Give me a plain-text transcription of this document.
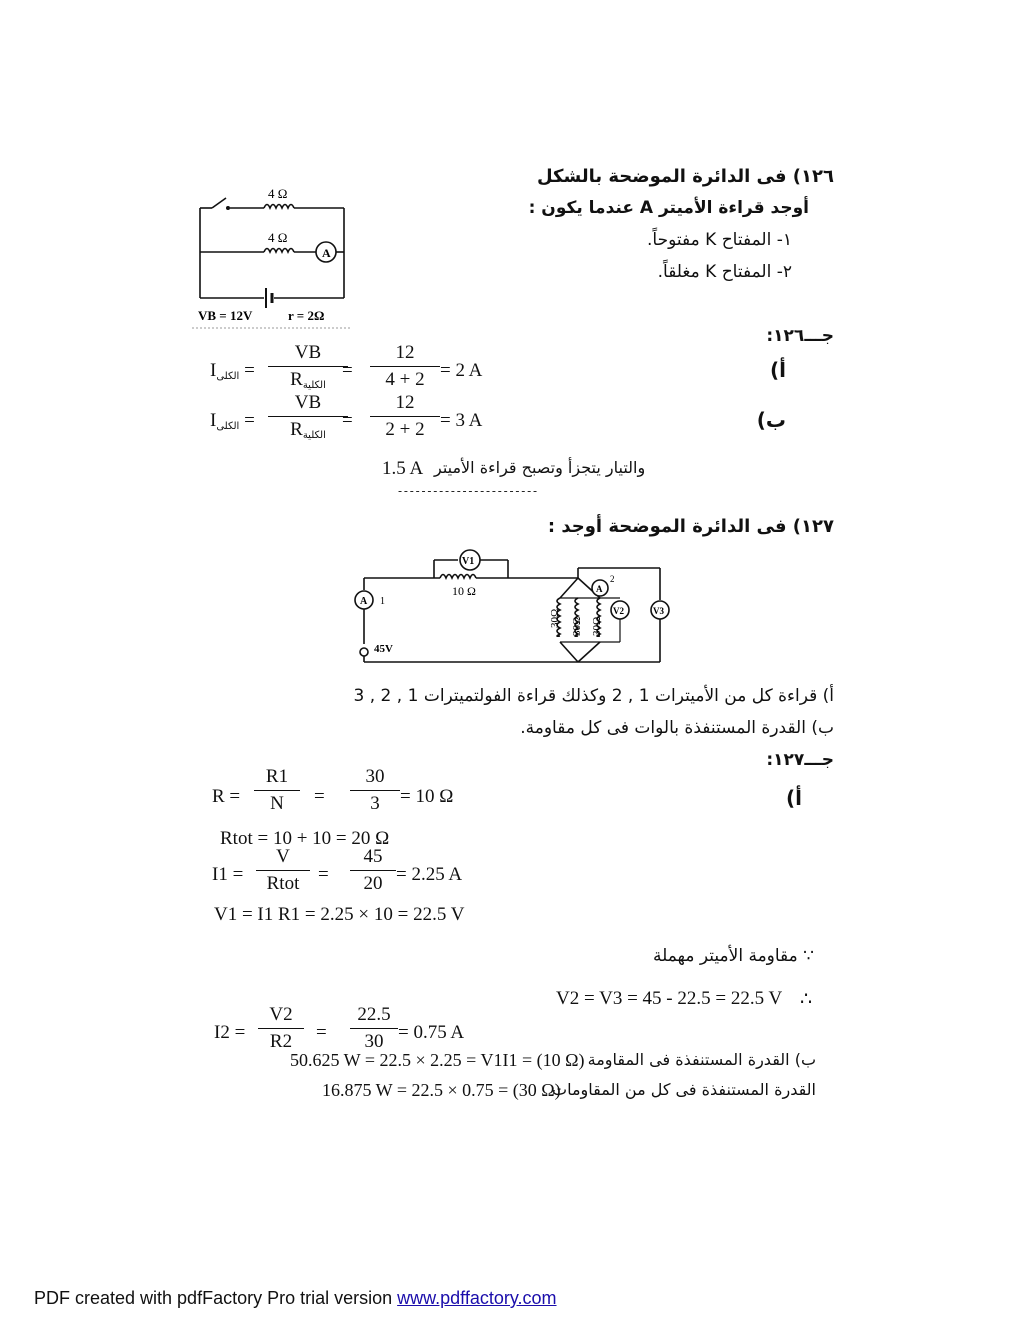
١٢٦) فى الدائرة الموضحة بالشكل
أوجد قراءة الأميتر A عندما يكون :
١- المفتاح K مفتوحاً.
٢- المفتاح K مغلقاً.
4 Ω
A
4 Ω
VB = 12V	r = 2Ω
جـــ١٢٦:
أ)
ب)
$I_{الكلى}$ =
VB
$R_{الكلية}$
=
12
4 + 2 = 2 A
$I_{الكلى}$ =
VB
$R_{الكلية}$
=
12
2 + 2 = 3 A
1.5 A والتيار يتجزأ وتصبح قراءة الأميتر
- - - - - - - - - - - - - - - - - - - - - - - -
١٢٧) فى الدائرة الموضحة أوجد :
10 Ω
V1
A 1
45V
30Ω 30Ω 30Ω
A
2
V2	V3
أ) قراءة كل من الأميترات 1 , 2 وكذلك قراءة الفولتميترات 1 , 2 , 3
ب) القدرة المستنفذة بالوات فى كل مقاومة.
جـــ١٢٧:
أ)
R =
R1
N	=
30
3	= 10 Ω
Rtot = 10 + 10 = 20 Ω
I1 =
V
Rtot =
45
20 = 2.25 A
V1 = I1 R1 = 2.25 × 10 = 22.5 V
∵ مقاومة الأميتر مهملة
V2 = V3 = 45 - 22.5 = 22.5 V ∴
I2 =
V2
R2	=
22.5
30 = 0.75 A
50.625 W = 22.5 × 2.25 = V1I1 = (10 Ω) ب) القدرة المستنفذة فى المقاومة
16.875 W = 22.5 × 0.75 = (30 Ω)
القدرة المستنفذة فى كل من المقاومات
PDF created with pdfFactory Pro trial version www.pdffactory.com
